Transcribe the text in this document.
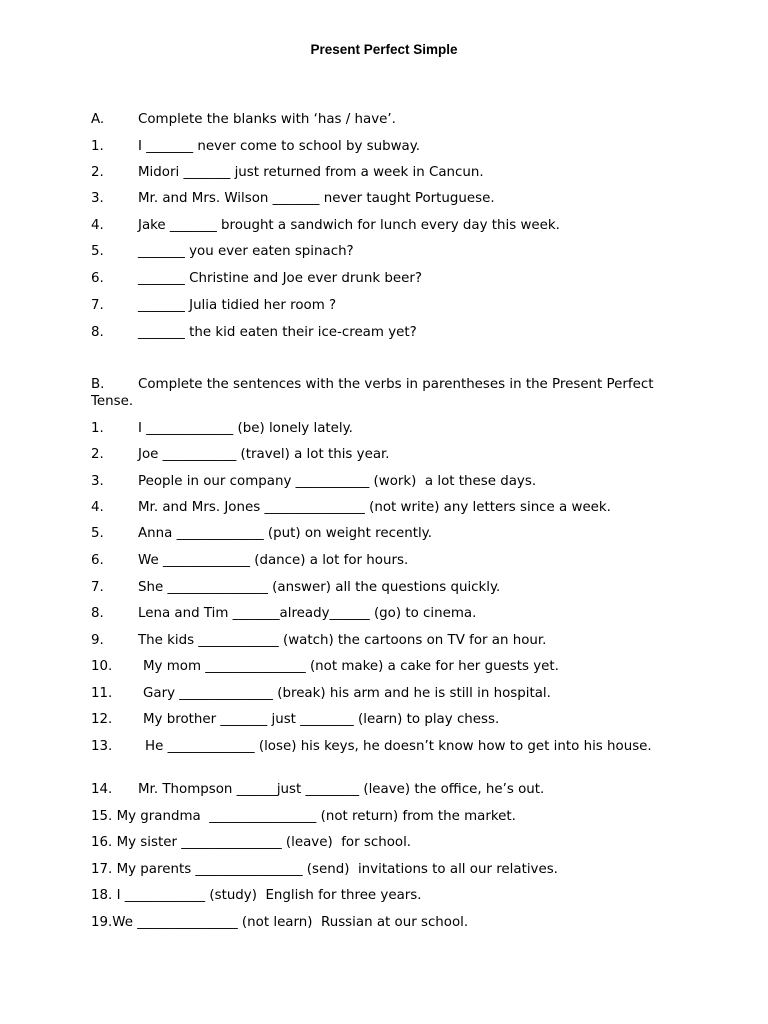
Present Perfect Simple
A.	Complete the blanks with ‘has / have’.
1.	I _______ never come to school by subway.
2.	Midori _______ just returned from a week in Cancun.
3.	Mr. and Mrs. Wilson _______ never taught Portuguese.
4.	Jake _______ brought a sandwich for lunch every day this week.
5.	_______ you ever eaten spinach?
6.	_______ Christine and Joe ever drunk beer?
7.	_______ Julia tidied her room ?
8.	_______ the kid eaten their ice-cream yet?
B.	Complete the sentences with the verbs in parentheses in the Present Perfect Tense.
1.	I _____________ (be) lonely lately.
2.	Joe ___________ (travel) a lot this year.
3.	People in our company ___________ (work)  a lot these days.
4.	Mr. and Mrs. Jones _______________ (not write) any letters since a week.
5.	Anna _____________ (put) on weight recently.
6.	We _____________ (dance) a lot for hours.
7.	She _______________ (answer) all the questions quickly.
8.	Lena and Tim _______already______ (go) to cinema.
9.	The kids ____________ (watch) the cartoons on TV for an hour.
10. My mom _______________ (not make) a cake for her guests yet.
11. Gary ______________ (break) his arm and he is still in hospital.
12. My brother _______ just ________ (learn) to play chess.
13. He _____________ (lose) his keys, he doesn’t know how to get into his house.
14. Mr. Thompson ______just ________ (leave) the office, he’s out.
15. My grandma  ________________ (not return) from the market.
16. My sister _______________ (leave)  for school.
17. My parents ________________ (send)  invitations to all our relatives.
18. I ____________ (study)  English for three years.
19.We _______________ (not learn)  Russian at our school.
